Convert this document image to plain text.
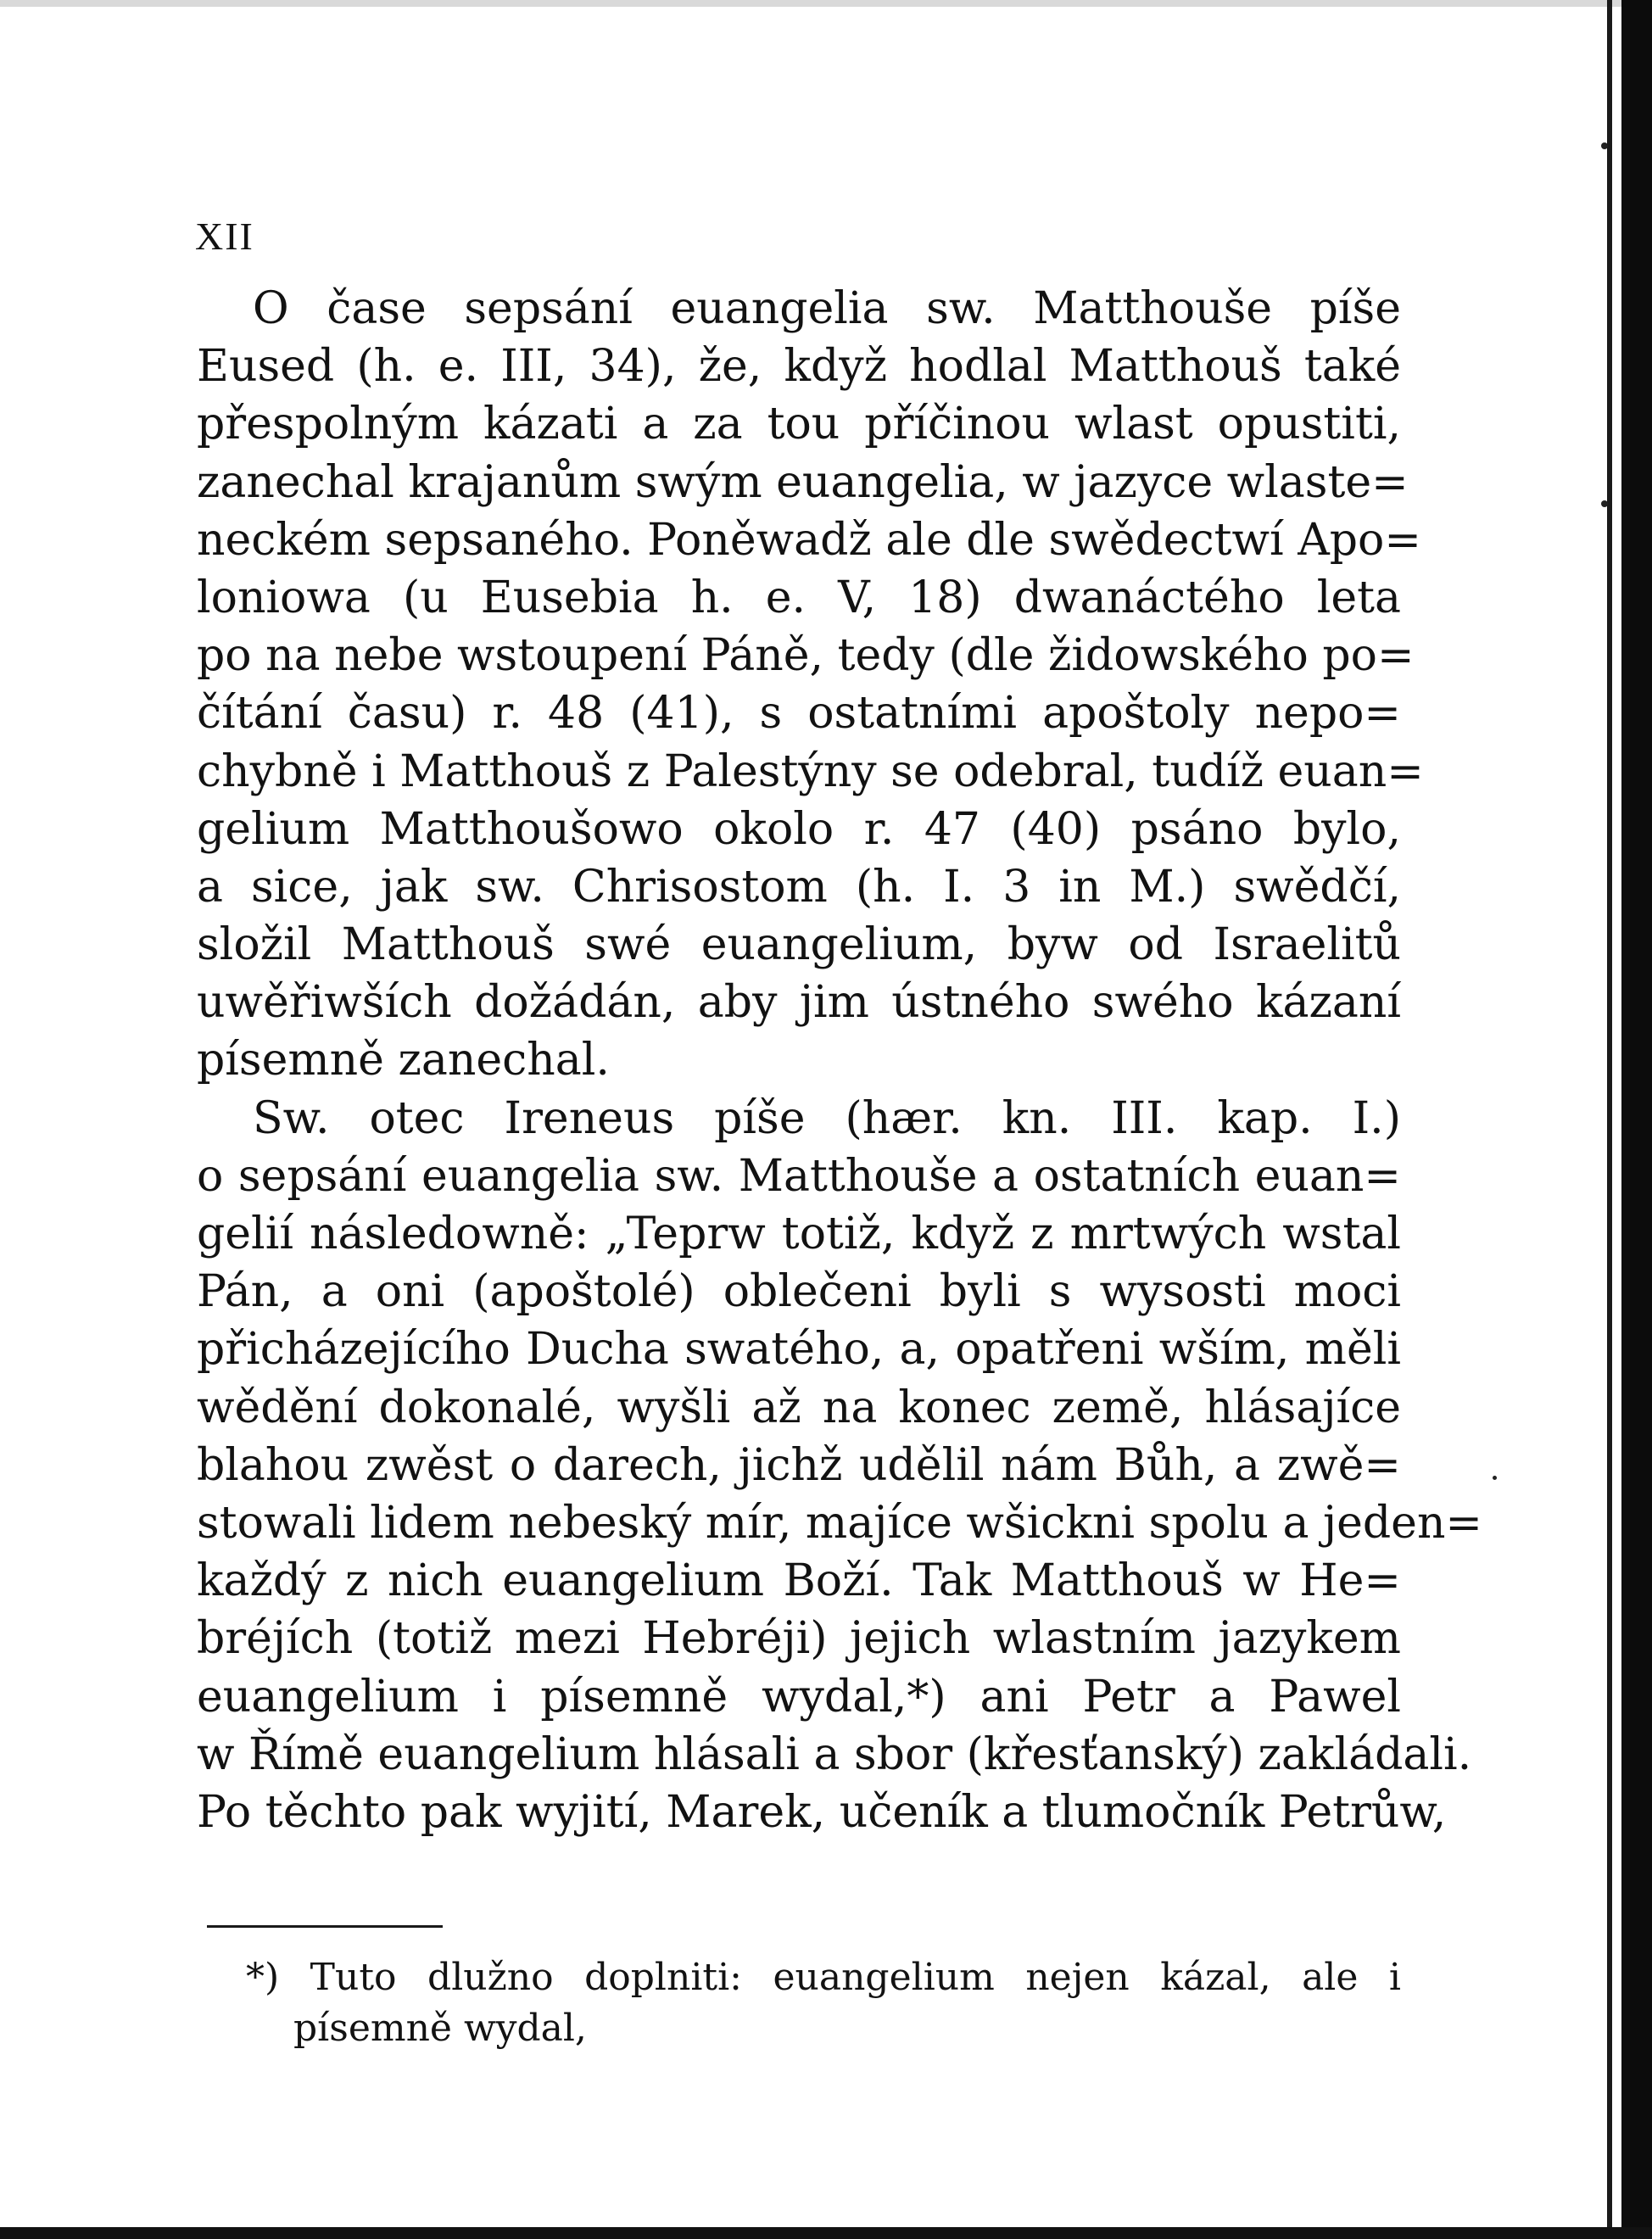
XII
O čase sepsání euangelia sw. Matthouše píše
Eused (h. e. III, 34), že, když hodlal Matthouš také
přespolným kázati a za tou příčinou wlast opustiti,
zanechal krajanům swým euangelia, w jazyce wlaste=
neckém sepsaného. Poněwadž ale dle swědectwí Apo=
loniowa (u Eusebia h. e. V, 18) dwanáctého leta
po na nebe wstoupení Páně, tedy (dle židowského po=
čítání času) r. 48 (41), s ostatními apoštoly nepo=
chybně i Matthouš z Palestýny se odebral, tudíž euan=
gelium Matthoušowo okolo r. 47 (40) psáno bylo,
a sice, jak sw. Chrisostom (h. I. 3 in M.) swědčí,
složil Matthouš swé euangelium, byw od Israelitů
uwěřiwších dožádán, aby jim ústného swého kázaní
písemně zanechal.
Sw. otec Ireneus píše (hær. kn. III. kap. I.)
o sepsání euangelia sw. Matthouše a ostatních euan=
gelií následowně: „Teprw totiž, když z mrtwých wstal
Pán, a oni (apoštolé) oblečeni byli s wysosti moci
přicházejícího Ducha swatého, a, opatřeni wším, měli
wědění dokonalé, wyšli až na konec země, hlásajíce
blahou zwěst o darech, jichž udělil nám Bůh, a zwě=
stowali lidem nebeský mír, majíce wšickni spolu a jeden=
každý z nich euangelium Boží. Tak Matthouš w He=
bréjích (totiž mezi Hebréji) jejich wlastním jazykem
euangelium i písemně wydal,*) ani Petr a Pawel
w Římě euangelium hlásali a sbor (křesťanský) zakládali.
Po těchto pak wyjití, Marek, učeník a tlumočník Petrůw,
*) Tuto dlužno doplniti: euangelium nejen kázal, ale i
písemně wydal,
